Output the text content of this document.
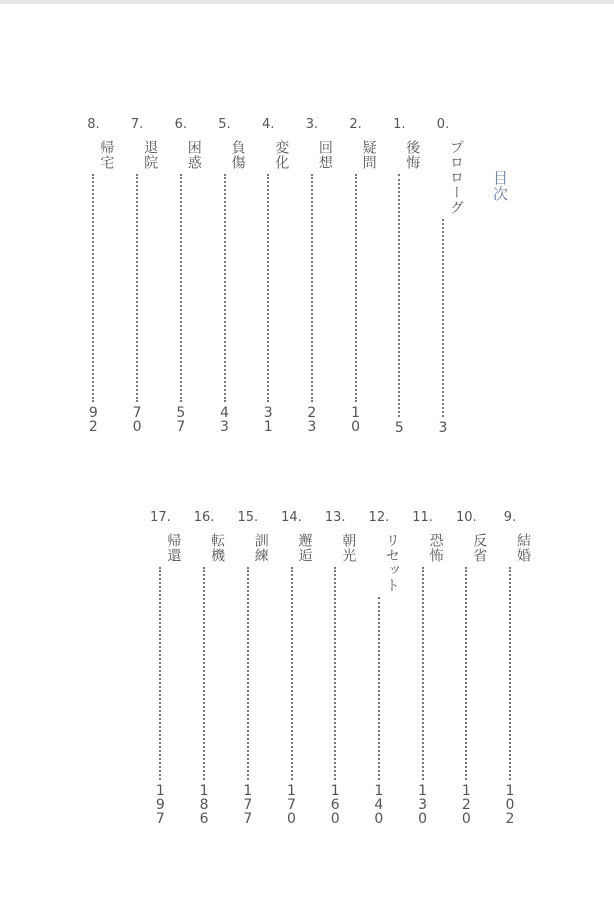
目次
0.
プロローグ
3
1.
後悔
5
2.
疑問
10
3.
回想
23
4.
変化
31
5.
負傷
43
6.
困惑
57
7.
退院
70
8.
帰宅
92
9.
結婚
102
10.
反省
120
11.
恐怖
130
12.
リセット
140
13.
朝光
160
14.
邂逅
170
15.
訓練
177
16.
転機
186
17.
帰還
197
